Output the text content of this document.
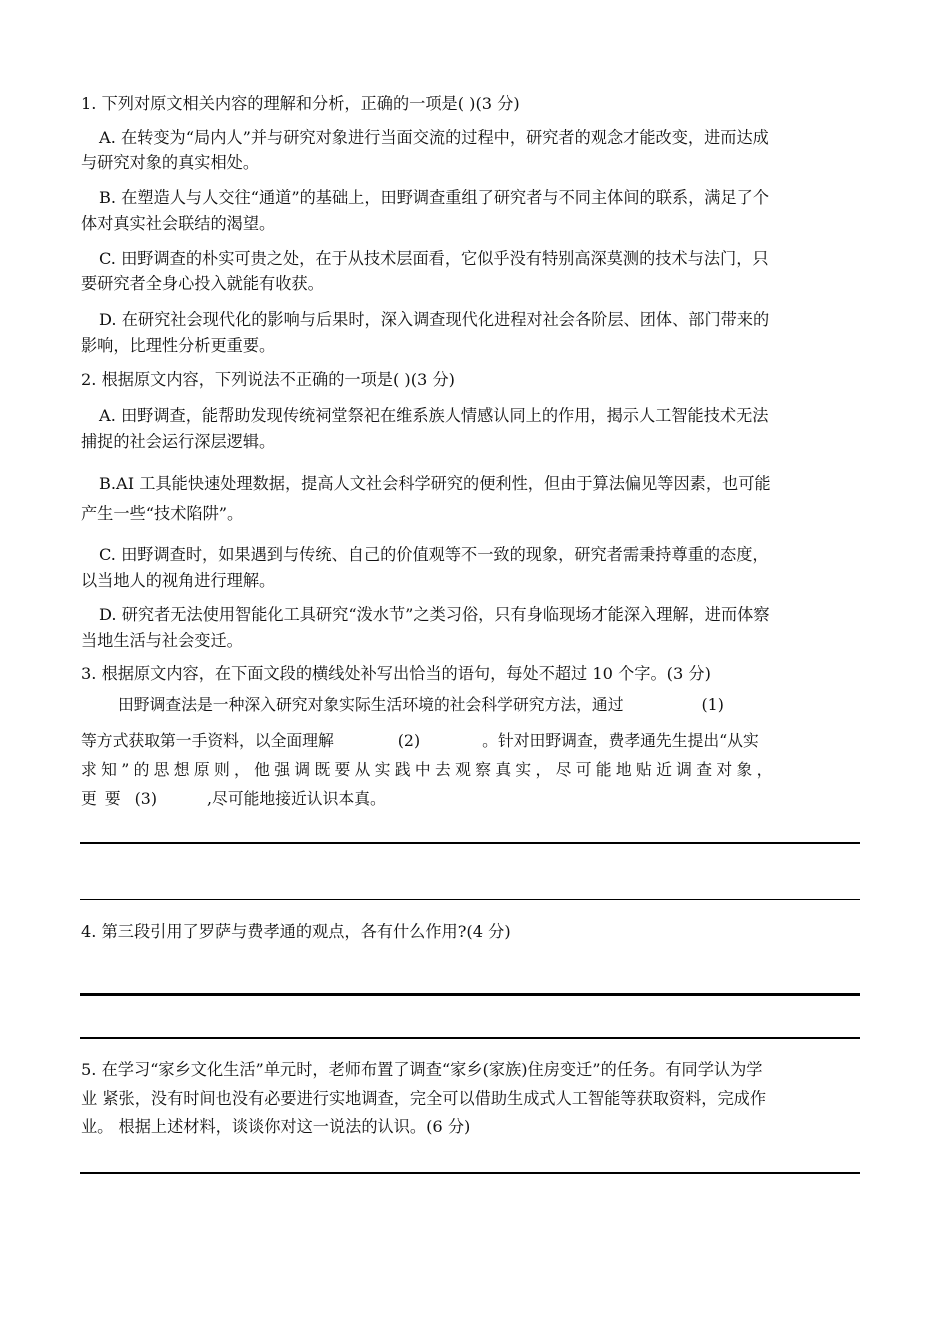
1. 下列对原文相关内容的理解和分析，正确的一项是( )(3 分)
A. 在转变为“局内人”并与研究对象进行当面交流的过程中，研究者的观念才能改变，进而达成
与研究对象的真实相处。
B. 在塑造人与人交往“通道”的基础上，田野调查重组了研究者与不同主体间的联系，满足了个
体对真实社会联结的渴望。
C. 田野调查的朴实可贵之处，在于从技术层面看，它似乎没有特别高深莫测的技术与法门，只
要研究者全身心投入就能有收获。
D. 在研究社会现代化的影响与后果时，深入调查现代化进程对社会各阶层、团体、部门带来的
影响，比理性分析更重要。
2. 根据原文内容，下列说法不正确的一项是( )(3 分)
A. 田野调查，能帮助发现传统祠堂祭祀在维系族人情感认同上的作用，揭示人工智能技术无法
捕捉的社会运行深层逻辑。
B.AI 工具能快速处理数据，提高人文社会科学研究的便利性，但由于算法偏见等因素，也可能
产生一些“技术陷阱”。
C. 田野调查时，如果遇到与传统、自己的价值观等不一致的现象，研究者需秉持尊重的态度，
以当地人的视角进行理解。
D. 研究者无法使用智能化工具研究“泼水节”之类习俗，只有身临现场才能深入理解，进而体察
当地生活与社会变迁。
3. 根据原文内容，在下面文段的横线处补写出恰当的语句，每处不超过 10 个字。(3 分)
田野调查法是一种深入研究对象实际生活环境的社会科学研究方法，通过	(1)
等方式获取第一手资料，以全面理解	(2)	。针对田野调查，费孝通先生提出“从实
求知”的思想原则，他强调既要从实践中去观察真实，尽可能地贴近调查对象，
更要 (3)	,尽可能地接近认识本真。
4. 第三段引用了罗萨与费孝通的观点，各有什么作用?(4 分)
5. 在学习“家乡文化生活”单元时，老师布置了调查“家乡(家族)住房变迁”的任务。有同学认为学
业 紧张，没有时间也没有必要进行实地调查，完全可以借助生成式人工智能等获取资料，完成作
业。 根据上述材料，谈谈你对这一说法的认识。(6 分)
